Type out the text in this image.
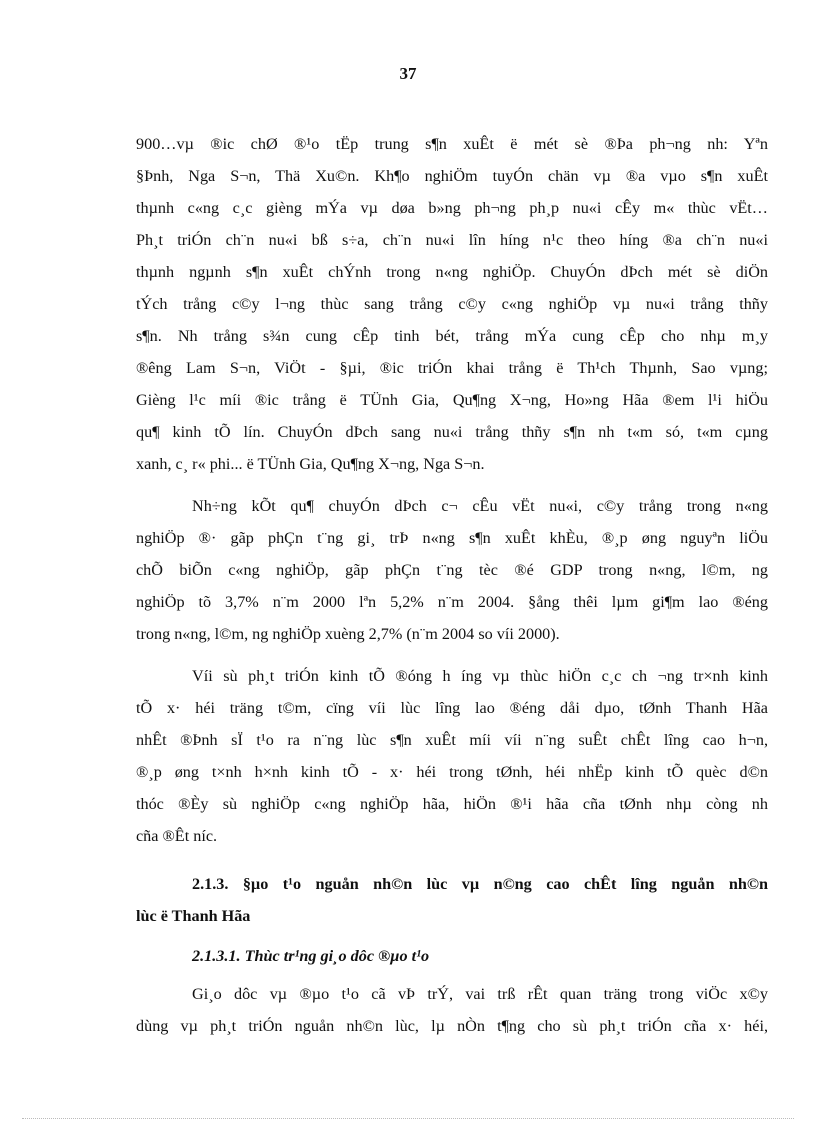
37

900…vµ ®ic chØ ®¹o tËp trung s¶n xuÊt ë mét sè ®Þa ph¬ng nh: Yªn
§Þnh, Nga S¬n, Thä Xu©n. Kh¶o nghiÖm tuyÓn chän vµ ®a vµo s¶n xuÊt
thµnh c«ng c¸c gièng mÝa vµ døa b»ng ph¬ng ph¸p nu«i cÊy m« thùc vËt…
Ph¸t triÓn ch¨n nu«i bß s÷a, ch¨n nu«i lîn híng n¹c theo híng ®a ch¨n nu«i
thµnh ngµnh s¶n xuÊt chÝnh trong n«ng nghiÖp. ChuyÓn dÞch mét sè diÖn
tÝch trång c©y l¬ng thùc sang trång c©y c«ng nghiÖp vµ nu«i trång thñy
s¶n. Nh trång s¾n cung cÊp tinh bét, trång mÝa cung cÊp cho nhµ m¸y
®êng Lam S¬n, ViÖt - §µi, ®ic triÓn khai trång ë Th¹ch Thµnh, Sao vµng;
Gièng l¹c míi ®ic trång ë TÜnh Gia, Qu¶ng X¬ng, Ho»ng Hãa ®em l¹i hiÖu
qu¶ kinh tÕ lín. ChuyÓn dÞch sang nu«i trång thñy s¶n nh t«m só, t«m cµng
xanh, c¸ r« phi... ë TÜnh Gia, Qu¶ng X¬ng, Nga S¬n.

Nh÷ng kÕt qu¶ chuyÓn dÞch c¬ cÊu vËt nu«i, c©y trång trong n«ng
nghiÖp ®· gãp phÇn t¨ng gi¸ trÞ n«ng s¶n xuÊt khÈu, ®¸p øng nguyªn liÖu
chÕ biÕn c«ng nghiÖp, gãp phÇn t¨ng tèc ®é GDP trong n«ng, l©m, ng
nghiÖp tõ 3,7% n¨m 2000 lªn 5,2% n¨m 2004. §ång thêi lµm gi¶m lao ®éng
trong n«ng, l©m, ng nghiÖp xuèng 2,7% (n¨m 2004 so víi 2000).

Víi sù ph¸t triÓn kinh tÕ ®óng h íng vµ thùc hiÖn c¸c ch ¬ng tr×nh kinh
tÕ x· héi träng t©m, cïng víi lùc lîng lao ®éng dåi dµo, tØnh Thanh Hãa
nhÊt ®Þnh sÏ t¹o ra n¨ng lùc s¶n xuÊt míi víi n¨ng suÊt chÊt lîng cao h¬n,
®¸p øng t×nh h×nh kinh tÕ - x· héi trong tØnh, héi nhËp kinh tÕ quèc d©n
thóc ®Èy sù nghiÖp c«ng nghiÖp hãa, hiÖn ®¹i hãa cña tØnh nhµ còng nh
cña ®Êt níc.

2.1.3. §µo t¹o nguån nh©n lùc vµ n©ng cao chÊt lîng nguån nh©n
lùc ë Thanh Hãa
2.1.3.1. Thùc tr¹ng gi¸o dôc ®µo t¹o

Gi¸o dôc vµ ®µo t¹o cã vÞ trÝ, vai trß rÊt quan träng trong viÖc x©y
dùng vµ ph¸t triÓn nguån nh©n lùc, lµ nÒn t¶ng cho sù ph¸t triÓn cña x· héi,
